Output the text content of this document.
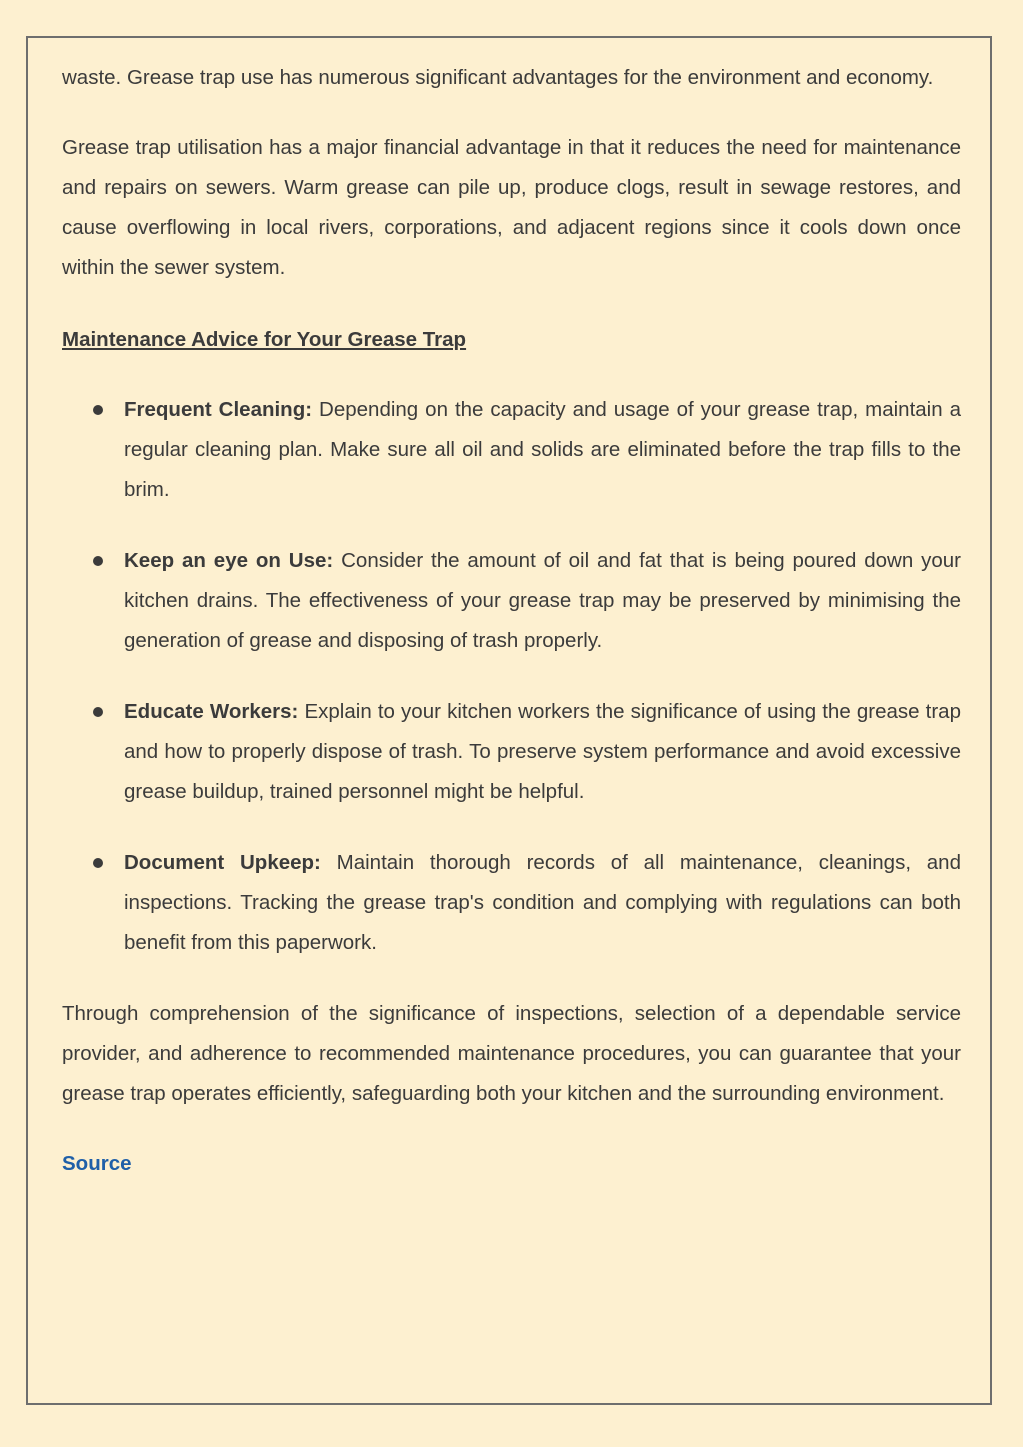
waste. Grease trap use has numerous significant advantages for the environment and economy.

Grease trap utilisation has a major financial advantage in that it reduces the need for maintenance and repairs on sewers. Warm grease can pile up, produce clogs, result in sewage restores, and cause overflowing in local rivers, corporations, and adjacent regions since it cools down once within the sewer system.

Maintenance Advice for Your Grease Trap

Frequent Cleaning: Depending on the capacity and usage of your grease trap, maintain a regular cleaning plan. Make sure all oil and solids are eliminated before the trap fills to the brim.
Keep an eye on Use: Consider the amount of oil and fat that is being poured down your kitchen drains. The effectiveness of your grease trap may be preserved by minimising the generation of grease and disposing of trash properly.
Educate Workers: Explain to your kitchen workers the significance of using the grease trap and how to properly dispose of trash. To preserve system performance and avoid excessive grease buildup, trained personnel might be helpful.
Document Upkeep: Maintain thorough records of all maintenance, cleanings, and inspections. Tracking the grease trap's condition and complying with regulations can both benefit from this paperwork.

Through comprehension of the significance of inspections, selection of a dependable service provider, and adherence to recommended maintenance procedures, you can guarantee that your grease trap operates efficiently, safeguarding both your kitchen and the surrounding environment.

Source
